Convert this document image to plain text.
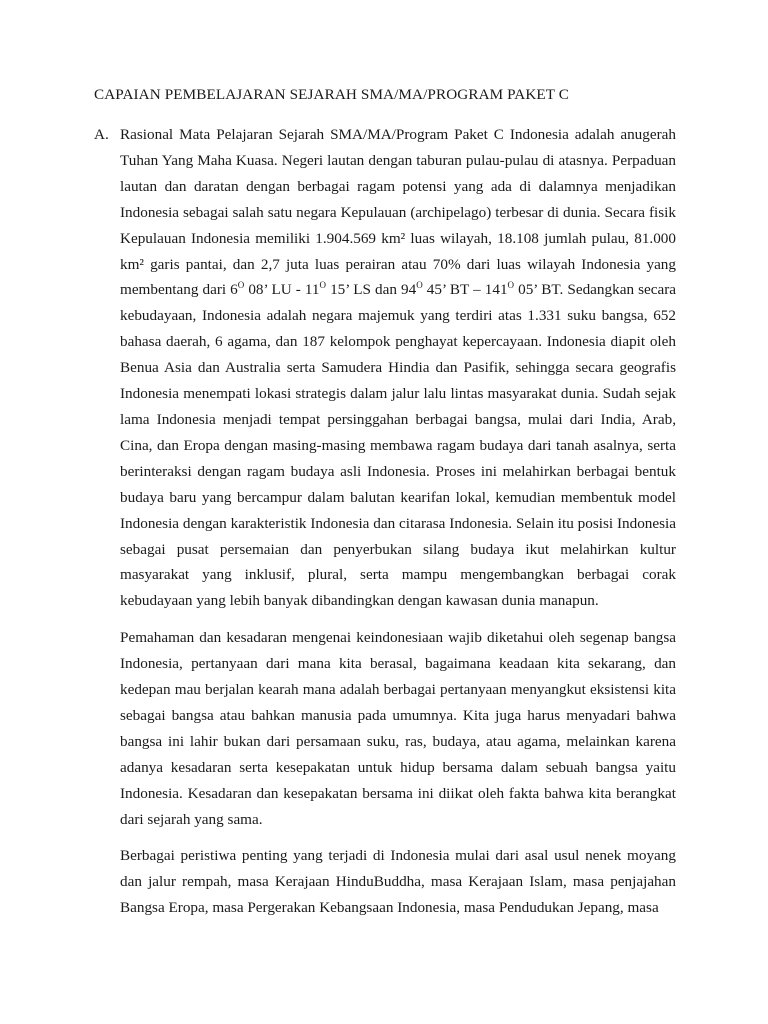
CAPAIAN PEMBELAJARAN SEJARAH SMA/MA/PROGRAM PAKET C
A. Rasional Mata Pelajaran Sejarah SMA/MA/Program Paket C Indonesia adalah anugerah Tuhan Yang Maha Kuasa. Negeri lautan dengan taburan pulau-pulau di atasnya. Perpaduan lautan dan daratan dengan berbagai ragam potensi yang ada di dalamnya menjadikan Indonesia sebagai salah satu negara Kepulauan (archipelago) terbesar di dunia. Secara fisik Kepulauan Indonesia memiliki 1.904.569 km² luas wilayah, 18.108 jumlah pulau, 81.000 km² garis pantai, dan 2,7 juta luas perairan atau 70% dari luas wilayah Indonesia yang membentang dari $6^O$ 08’ LU - $11^O$ 15’ LS dan $94^O$ 45’ BT – $141^O$ 05’ BT. Sedangkan secara kebudayaan, Indonesia adalah negara majemuk yang terdiri atas 1.331 suku bangsa, 652 bahasa daerah, 6 agama, dan 187 kelompok penghayat kepercayaan. Indonesia diapit oleh Benua Asia dan Australia serta Samudera Hindia dan Pasifik, sehingga secara geografis Indonesia menempati lokasi strategis dalam jalur lalu lintas masyarakat dunia. Sudah sejak lama Indonesia menjadi tempat persinggahan berbagai bangsa, mulai dari India, Arab, Cina, dan Eropa dengan masing-masing membawa ragam budaya dari tanah asalnya, serta berinteraksi dengan ragam budaya asli Indonesia. Proses ini melahirkan berbagai bentuk budaya baru yang bercampur dalam balutan kearifan lokal, kemudian membentuk model Indonesia dengan karakteristik Indonesia dan citarasa Indonesia. Selain itu posisi Indonesia sebagai pusat persemaian dan penyerbukan silang budaya ikut melahirkan kultur masyarakat yang inklusif, plural, serta mampu mengembangkan berbagai corak kebudayaan yang lebih banyak dibandingkan dengan kawasan dunia manapun.

Pemahaman dan kesadaran mengenai keindonesiaan wajib diketahui oleh segenap bangsa Indonesia, pertanyaan dari mana kita berasal, bagaimana keadaan kita sekarang, dan kedepan mau berjalan kearah mana adalah berbagai pertanyaan menyangkut eksistensi kita sebagai bangsa atau bahkan manusia pada umumnya. Kita juga harus menyadari bahwa bangsa ini lahir bukan dari persamaan suku, ras, budaya, atau agama, melainkan karena adanya kesadaran serta kesepakatan untuk hidup bersama dalam sebuah bangsa yaitu Indonesia. Kesadaran dan kesepakatan bersama ini diikat oleh fakta bahwa kita berangkat dari sejarah yang sama.

Berbagai peristiwa penting yang terjadi di Indonesia mulai dari asal usul nenek moyang dan jalur rempah, masa Kerajaan HinduBuddha, masa Kerajaan Islam, masa penjajahan Bangsa Eropa, masa Pergerakan Kebangsaan Indonesia, masa Pendudukan Jepang, masa
